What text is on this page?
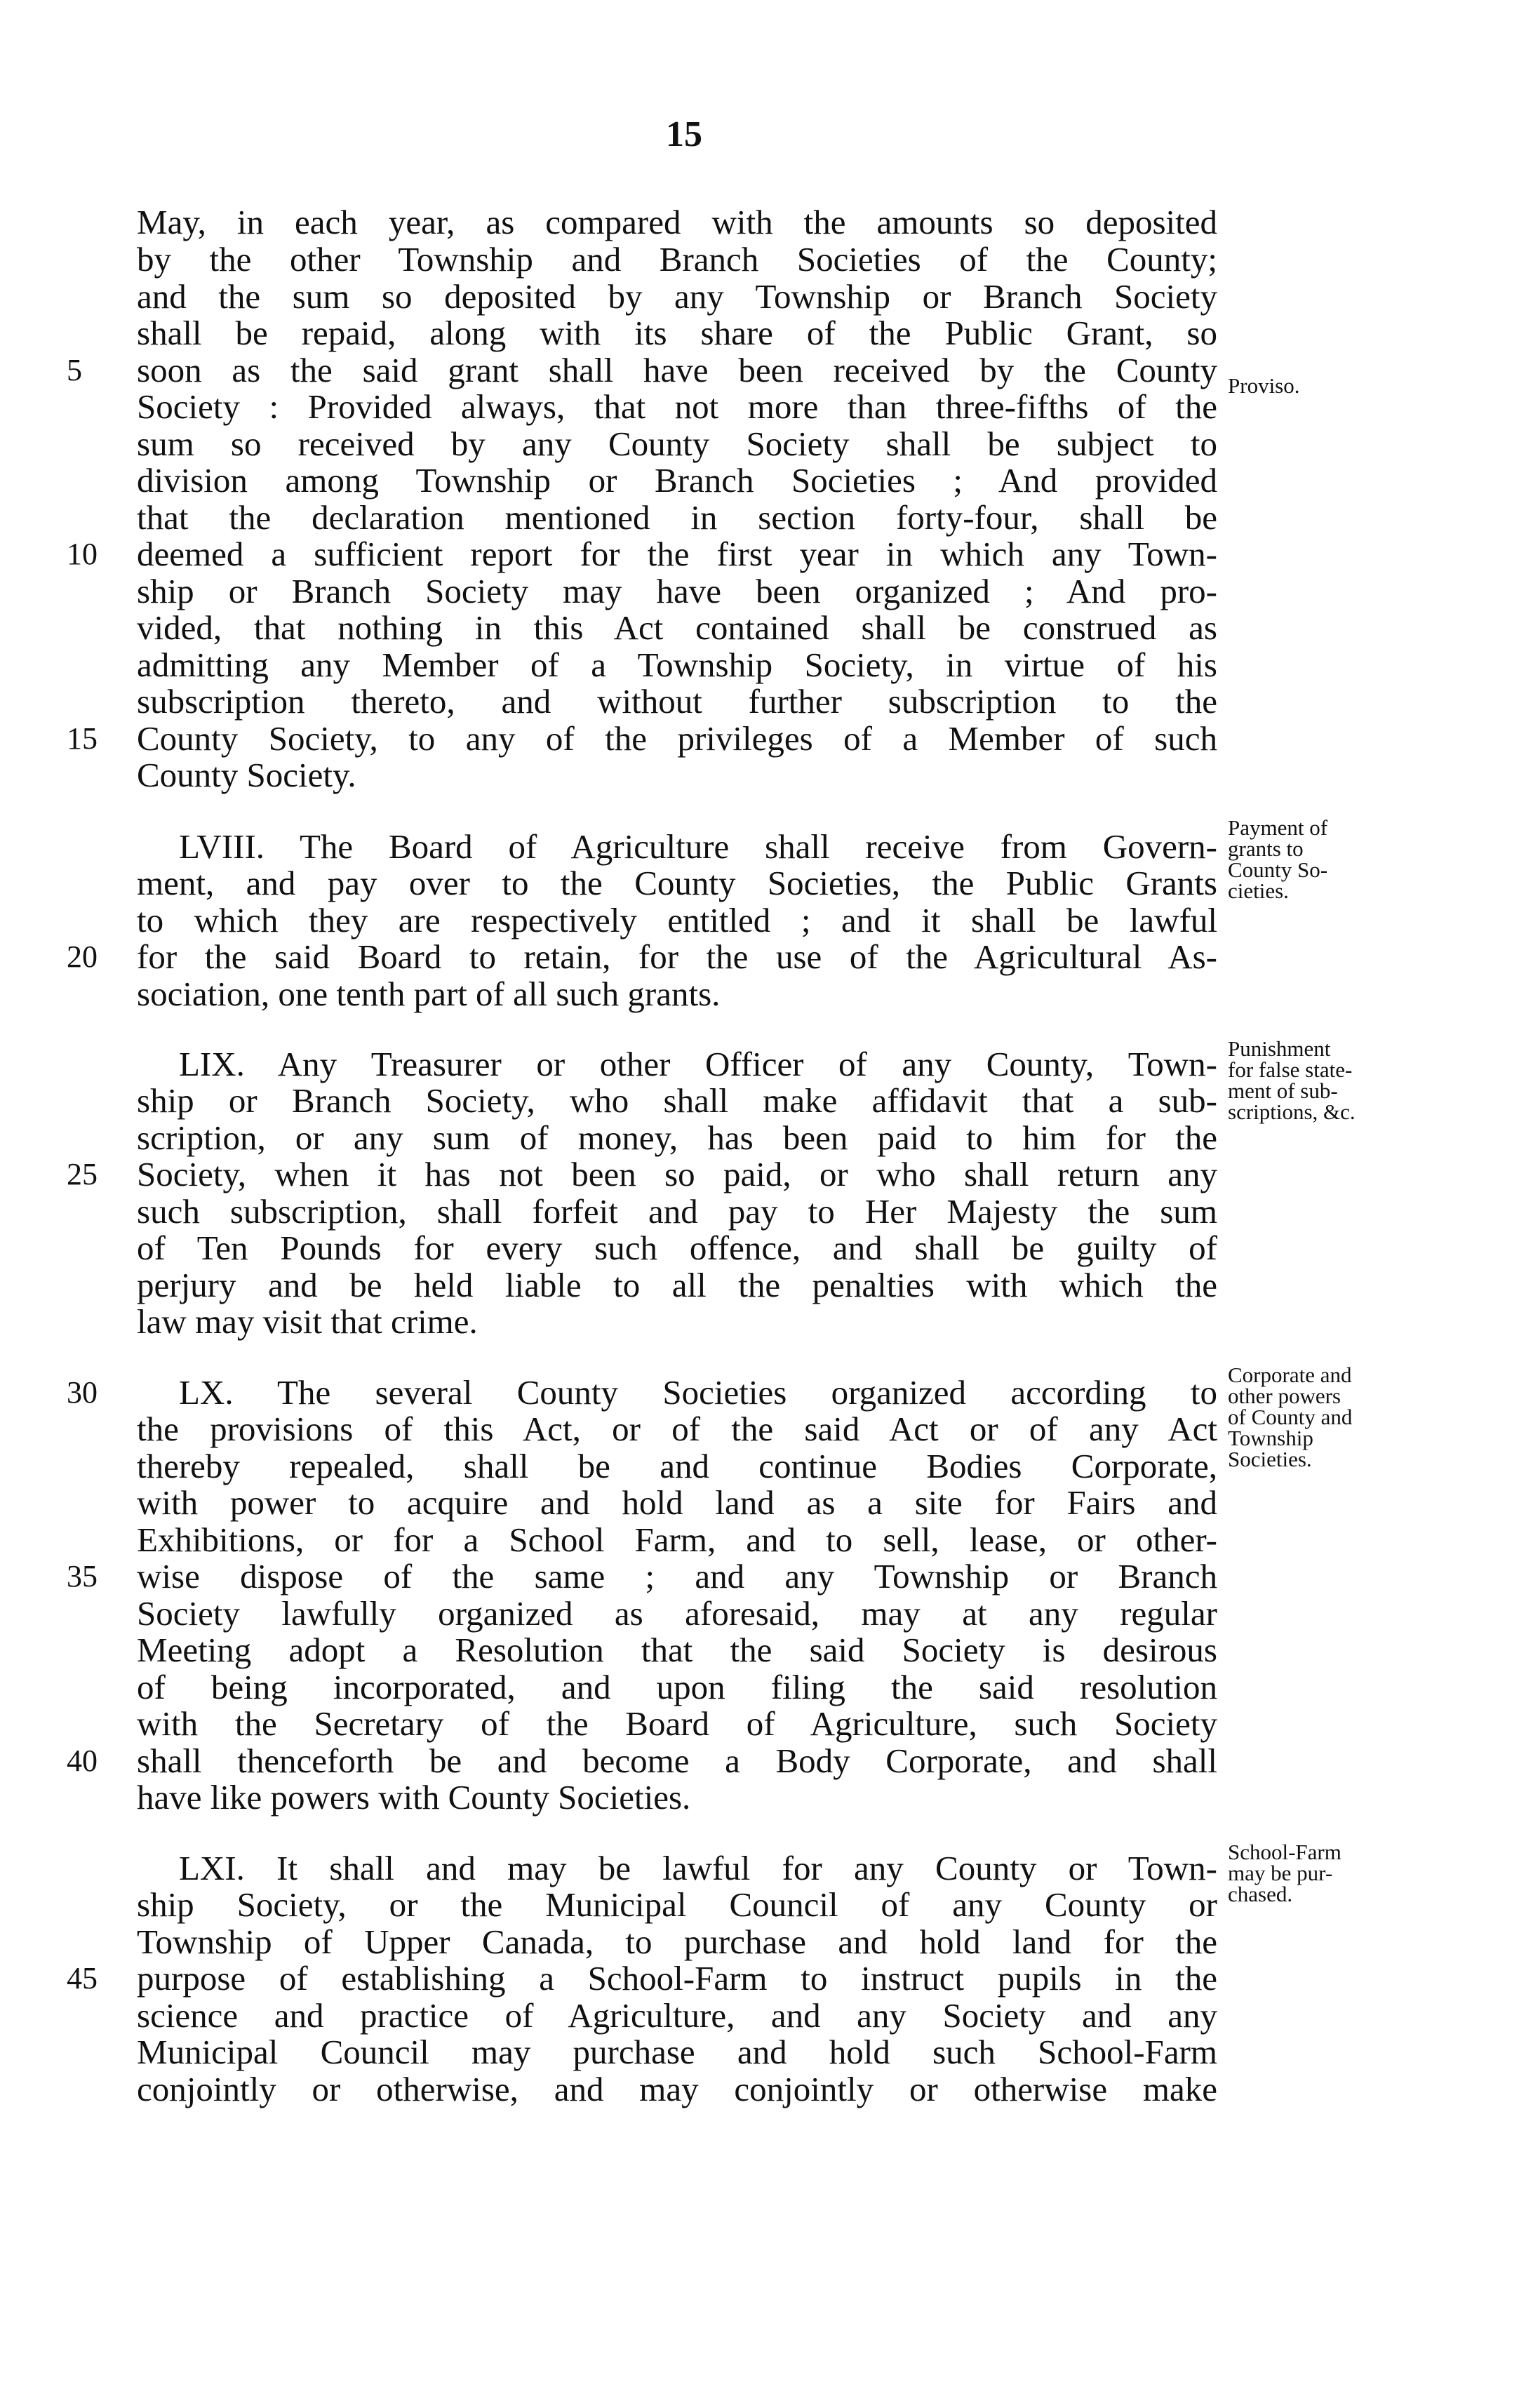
15
May, in each year, as compared with the amounts so deposited
by the other Township and Branch Societies of the County;
and the sum so deposited by any Township or Branch Society
shall be repaid, along with its share of the Public Grant, so
soon as the said grant shall have been received by the County
5
Society : Provided always, that not more than three-fifths of the
sum so received by any County Society shall be subject to
division among Township or Branch Societies ; And provided
that the declaration mentioned in section forty-four, shall be
deemed a sufficient report for the first year in which any Town-
10
ship or Branch Society may have been organized ; And pro-
vided, that nothing in this Act contained shall be construed as
admitting any Member of a Township Society, in virtue of his
subscription thereto, and without further subscription to the
County Society, to any of the privileges of a Member of such
15
County Society.
LVIII. The Board of Agriculture shall receive from Govern-
ment, and pay over to the County Societies, the Public Grants
to which they are respectively entitled ; and it shall be lawful
for the said Board to retain, for the use of the Agricultural As-
20
sociation, one tenth part of all such grants.
LIX. Any Treasurer or other Officer of any County, Town-
ship or Branch Society, who shall make affidavit that a sub-
scription, or any sum of money, has been paid to him for the
Society, when it has not been so paid, or who shall return any
25
such subscription, shall forfeit and pay to Her Majesty the sum
of Ten Pounds for every such offence, and shall be guilty of
perjury and be held liable to all the penalties with which the
law may visit that crime.
LX. The several County Societies organized according to
30
the provisions of this Act, or of the said Act or of any Act
thereby repealed, shall be and continue Bodies Corporate,
with power to acquire and hold land as a site for Fairs and
Exhibitions, or for a School Farm, and to sell, lease, or other-
wise dispose of the same ; and any Township or Branch
35
Society lawfully organized as aforesaid, may at any regular
Meeting adopt a Resolution that the said Society is desirous
of being incorporated, and upon filing the said resolution
with the Secretary of the Board of Agriculture, such Society
shall thenceforth be and become a Body Corporate, and shall
40
have like powers with County Societies.
LXI. It shall and may be lawful for any County or Town-
ship Society, or the Municipal Council of any County or
Township of Upper Canada, to purchase and hold land for the
purpose of establishing a School-Farm to instruct pupils in the
45
science and practice of Agriculture, and any Society and any
Municipal Council may purchase and hold such School-Farm
conjointly or otherwise, and may conjointly or otherwise make
Proviso.
Payment of
grants to
County So-
cieties.
Punishment
for false state-
ment of sub-
scriptions, &c.
Corporate and
other powers
of County and
Township
Societies.
School-Farm
may be pur-
chased.
